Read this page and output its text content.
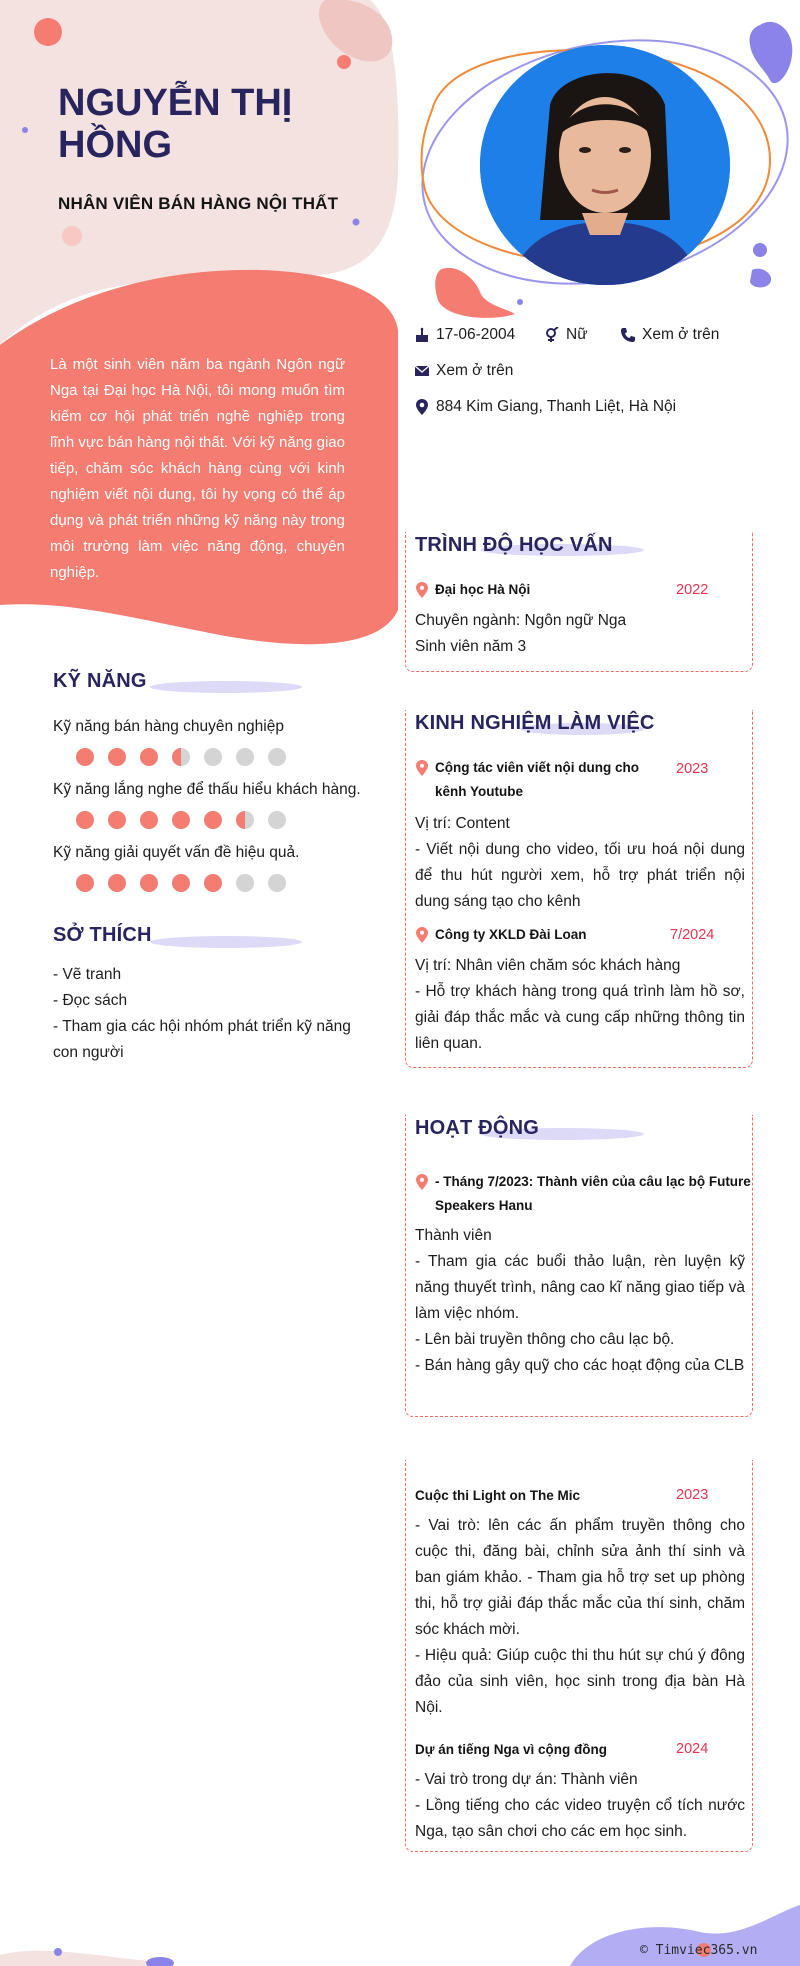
NGUYỄN THỊ HỒNG
NHÂN VIÊN BÁN HÀNG NỘI THẤT
Là một sinh viên năm ba ngành Ngôn ngữ Nga tại Đại học Hà Nội, tôi mong muốn tìm kiếm cơ hội phát triển nghề nghiệp trong lĩnh vực bán hàng nội thất. Với kỹ năng giao tiếp, chăm sóc khách hàng cùng với kinh nghiệm viết nội dung, tôi hy vọng có thể áp dụng và phát triển những kỹ năng này trong môi trường làm việc năng động, chuyên nghiệp.
17-06-2004	Nữ	Xem ở trên
Xem ở trên
884 Kim Giang, Thanh Liệt, Hà Nội
KỸ NĂNG
Kỹ năng bán hàng chuyên nghiệp
Kỹ năng lắng nghe để thấu hiểu khách hàng.
Kỹ năng giải quyết vấn đề hiệu quả.
SỞ THÍCH
- Vẽ tranh
- Đọc sách
- Tham gia các hội nhóm phát triển kỹ năng con người
TRÌNH ĐỘ HỌC VẤN
Đại học Hà Nội	2022
Chuyên ngành: Ngôn ngữ Nga
Sinh viên năm 3
KINH NGHIỆM LÀM VIỆC
Cộng tác viên viết nội dung cho kênh Youtube
2023
Vị trí: Content
- Viết nội dung cho video, tối ưu hoá nội dung để thu hút người xem, hỗ trợ phát triển nội dung sáng tạo cho kênh
Công ty XKLD Đài Loan	7/2024
Vị trí: Nhân viên chăm sóc khách hàng
- Hỗ trợ khách hàng trong quá trình làm hồ sơ, giải đáp thắc mắc và cung cấp những thông tin liên quan.
HOẠT ĐỘNG
- Tháng 7/2023: Thành viên của câu lạc bộ Future Speakers Hanu
Thành viên
- Tham gia các buổi thảo luận, rèn luyện kỹ năng thuyết trình, nâng cao kĩ năng giao tiếp và làm việc nhóm.
- Lên bài truyền thông cho câu lạc bộ.
- Bán hàng gây quỹ cho các hoạt động của CLB
Cuộc thi Light on The Mic	2023
- Vai trò: lên các ấn phẩm truyền thông cho cuộc thi, đăng bài, chỉnh sửa ảnh thí sinh và ban giám khảo. - Tham gia hỗ trợ set up phòng thi, hỗ trợ giải đáp thắc mắc của thí sinh, chăm sóc khách mời.
- Hiệu quả: Giúp cuộc thi thu hút sự chú ý đông đảo của sinh viên, học sinh trong địa bàn Hà Nội.
Dự án tiếng Nga vì cộng đồng	2024
- Vai trò trong dự án: Thành viên
- Lồng tiếng cho các video truyện cổ tích nước Nga, tạo sân chơi cho các em học sinh.
© Timviec365.vn
